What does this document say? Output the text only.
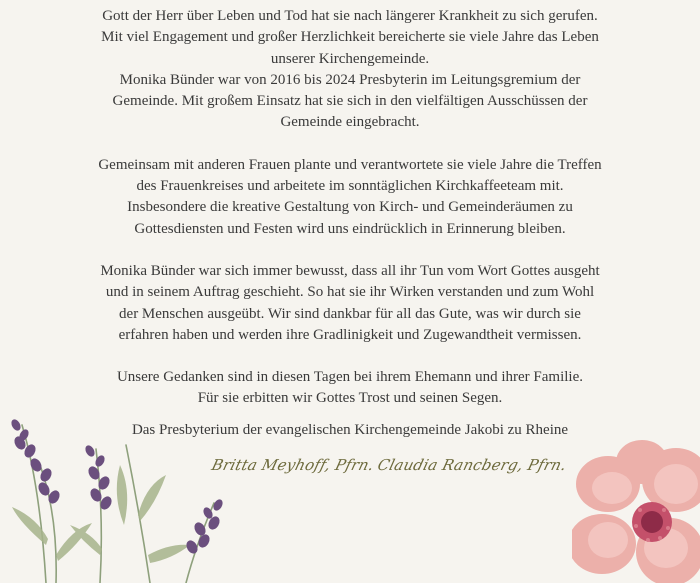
Gott der Herr über Leben und Tod hat sie nach längerer Krankheit zu sich gerufen.
Mit viel Engagement und großer Herzlichkeit bereicherte sie viele Jahre das Leben
unserer Kirchengemeinde.
Monika Bünder war von 2016 bis 2024 Presbyterin im Leitungsgremium der
Gemeinde. Mit großem Einsatz hat sie sich in den vielfältigen Ausschüssen der
Gemeinde eingebracht.

Gemeinsam mit anderen Frauen plante und verantwortete sie viele Jahre die Treffen
des Frauenkreises und arbeitete im sonntäglichen Kirchkaffeeteam mit.
Insbesondere die kreative Gestaltung von Kirch- und Gemeinderäumen zu
Gottesdiensten und Festen wird uns eindrücklich in Erinnerung bleiben.

Monika Bünder war sich immer bewusst, dass all ihr Tun vom Wort Gottes ausgeht
und in seinem Auftrag geschieht. So hat sie ihr Wirken verstanden und zum Wohl
der Menschen ausgeübt. Wir sind dankbar für all das Gute, was wir durch sie
erfahren haben und werden ihre Gradlinigkeit und Zugewandtheit vermissen.

Unsere Gedanken sind in diesen Tagen bei ihrem Ehemann und ihrer Familie.
Für sie erbitten wir Gottes Trost und seinen Segen.

Das Presbyterium der evangelischen Kirchengemeinde Jakobi zu Rheine

Britta Meyhoff, Pfrn. Claudia Rancberg, Pfrn.
